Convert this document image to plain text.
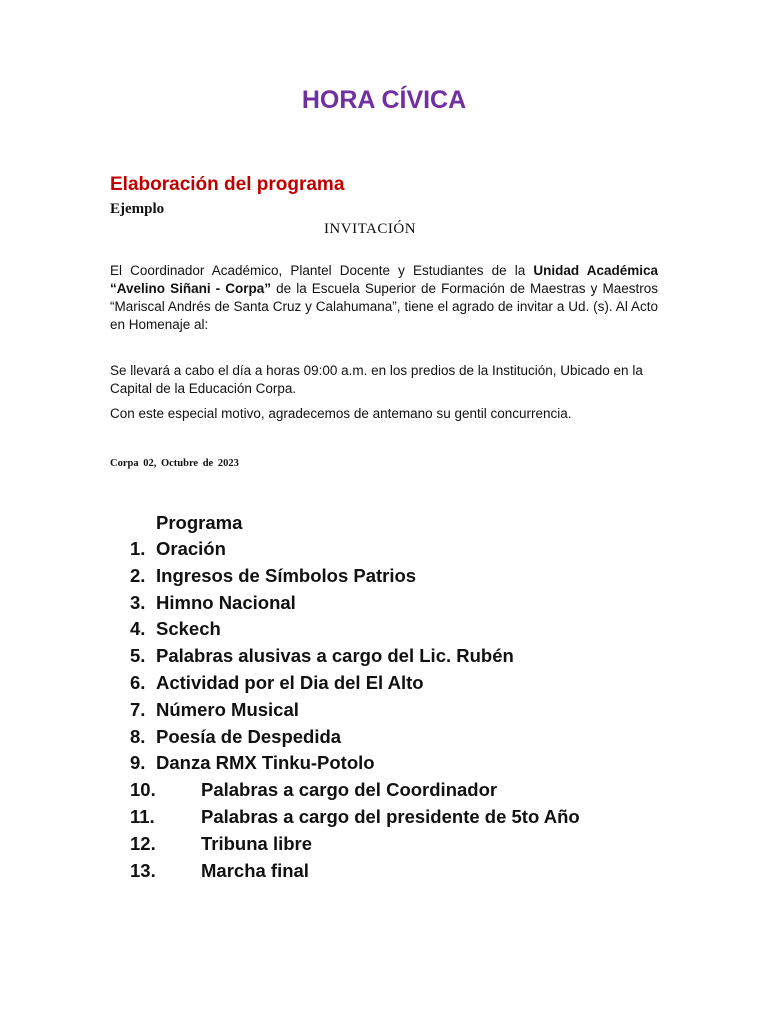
HORA CÍVICA
Elaboración del programa
Ejemplo
INVITACIÓN

El Coordinador Académico, Plantel Docente y Estudiantes de la Unidad Académica “Avelino Siñani - Corpa” de la Escuela Superior de Formación de Maestras y Maestros “Mariscal Andrés de Santa Cruz y Calahumana”, tiene el agrado de invitar a Ud. (s). Al Acto en Homenaje al:

Se llevará a cabo el día a horas 09:00 a.m. en los predios de la Institución, Ubicado en la Capital de la Educación Corpa.

Con este especial motivo, agradecemos de antemano su gentil concurrencia.

Corpa 02, Octubre de 2023
Programa
1. Oración
2. Ingresos de Símbolos Patrios
3. Himno Nacional
4. Sckech
5. Palabras alusivas a cargo del Lic. Rubén
6. Actividad por el Dia del El Alto
7. Número Musical
8. Poesía de Despedida
9. Danza RMX Tinku-Potolo
10.	Palabras a cargo del Coordinador
11.	Palabras a cargo del presidente de 5to Año
12.	Tribuna libre
13.	Marcha final
